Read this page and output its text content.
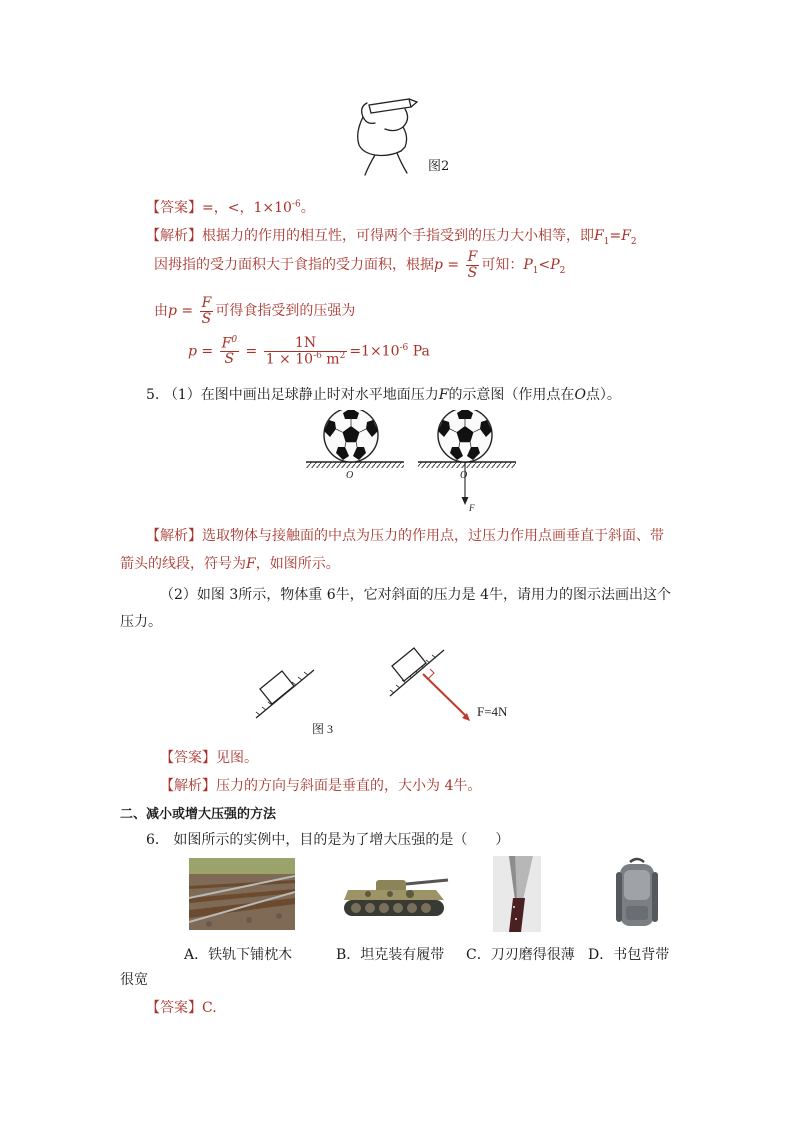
图2
【答案】=，<，$1\times 10^{-6}$。
【解析】根据力的作用的相互性，可得两个手指受到的压力大小相等，即$F_1=F_2$
因拇指的受力面积大于食指的受力面积，根据$p = \frac{F}{S}$ 可知：$P_1<P_2$
由$p = \frac{F}{S}$ 可得食指受到的压强为
$p = \frac{F^0}{S} = \frac{1N}{1 \times 10^{-6} m^2} =1\times 10^{-6}$ Pa
5. （1）在图中画出足球静止时对水平地面压力F的示意图（作用点在O点）。
O	O
F
【解析】选取物体与接触面的中点为压力的作用点，过压力作用点画垂直于斜面、带
箭头的线段，符号为F，如图所示。
（2）如图 3所示，物体重 6牛，它对斜面的压力是 4牛，请用力的图示法画出这个
压力。
F=4N
图 3
【答案】见图。
【解析】压力的方向与斜面是垂直的，大小为 4牛。
二、减小或增大压强的方法
6． 如图所示的实例中，目的是为了增大压强的是（　　）
A．铁轨下铺枕木	B．坦克装有履带 C．刀刃磨得很薄 D．书包背带
很宽
【答案】C.
